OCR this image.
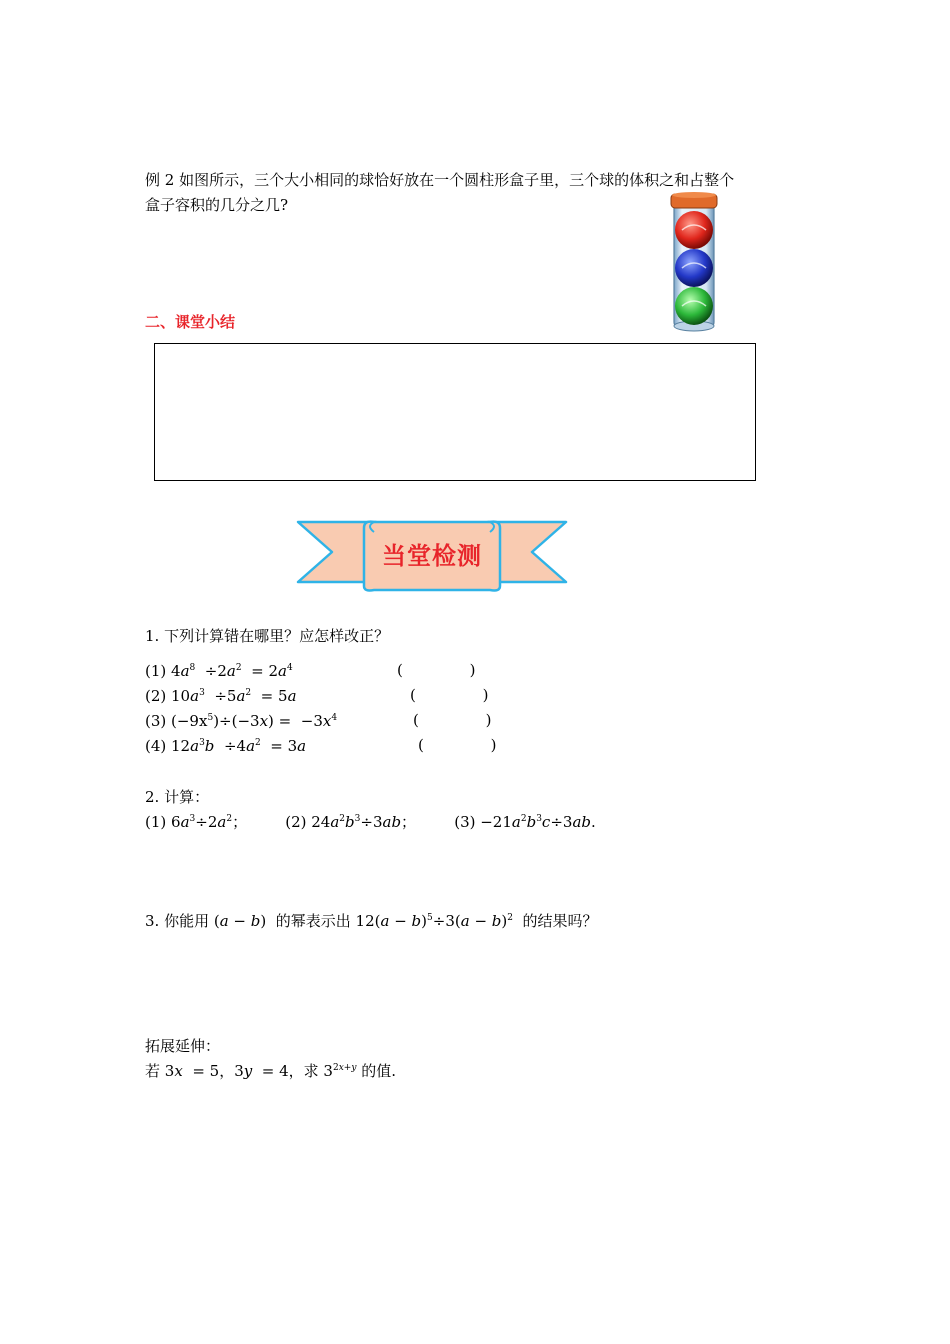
例 2 如图所示，三个大小相同的球恰好放在一个圆柱形盒子里，三个球的体积之和占整个
盒子容积的几分之几?
二、课堂小结
当堂检测
1. 下列计算错在哪里？应怎样改正？
(1) $4a^8 \div 2a^2 = 2a^4$	(              )
(2) $10a^3 \div 5a^2 = 5a$	(              )
(3) $(-9x^5)\div(-3x) = -3x^4$	(              )
(4) $12a^3b \div 4a^2 = 3a$	(              )
2. 计算：
(1) $6a^3\div 2a^2$；	(2) $24a^2b^3\div 3ab$；	$(3) -21a^2b^3c\div 3ab$.
3. 你能用 (a − b)  的幂表示出 $12(a - b)^5\div 3(a - b)^2$ 的结果吗？
拓展延伸：
若 3x  = 5，3y  = 4，求 $3^{2x+y}$ 的值.
